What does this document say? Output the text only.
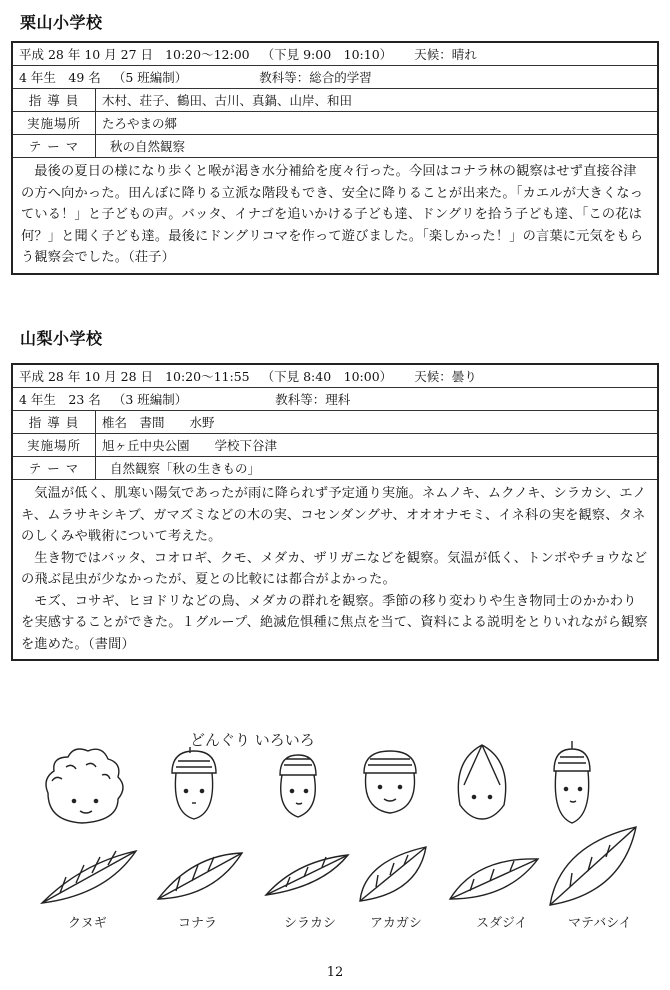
栗山小学校
平成 28 年 10 月 27 日 10:20～12:00 （下見 9:00　10:10）	天候：晴れ
4 年生　49 名 （5 班編制）	教科等：総合的学習
指 導 員	木村、荘子、鶴田、古川、真鍋、山岸、和田
実施場所	たろやまの郷
テ ー マ	秋の自然観察

最後の夏日の様になり歩くと喉が渇き水分補給を度々行った。今回はコナラ林の観察はせず直接谷津の方へ向かった。田んぼに降りる立派な階段もでき、安全に降りることが出来た。「カエルが大きくなっている！」と子どもの声。バッタ、イナゴを追いかける子ども達、ドングリを拾う子ども達、「この花は何？」と聞く子ども達。最後にドングリコマを作って遊びました。「楽しかった！」の言葉に元気をもらう観察会でした。（荘子）

山梨小学校
平成 28 年 10 月 28 日 10:20～11:55 （下見 8:40　10:00）	天候：曇り
4 年生　23 名 （3 班編制）	教科等：理科
指 導 員	椎名　書間　　水野
実施場所	旭ヶ丘中央公園　　学校下谷津
テ ー マ	自然観察「秋の生きもの」

気温が低く、肌寒い陽気であったが雨に降られず予定通り実施。ネムノキ、ムクノキ、シラカシ、エノキ、ムラサキシキブ、ガマズミなどの木の実、コセンダングサ、オオオナモミ、イネ科の実を観察、タネのしくみや戦術について考えた。

生き物ではバッタ、コオロギ、クモ、メダカ、ザリガニなどを観察。気温が低く、トンボやチョウなどの飛ぶ昆虫が少なかったが、夏との比較には都合がよかった。

モズ、コサギ、ヒヨドリなどの鳥、メダカの群れを観察。季節の移り変わりや生き物同士のかかわりを実感することができた。１グループ、絶滅危惧種に焦点を当て、資料による説明をとりいれながら観察を進めた。（書間）

どんぐり いろいろ
クヌギ	コナラ	シラカシ	アカガシ	スダジイ	マテバシイ
12
